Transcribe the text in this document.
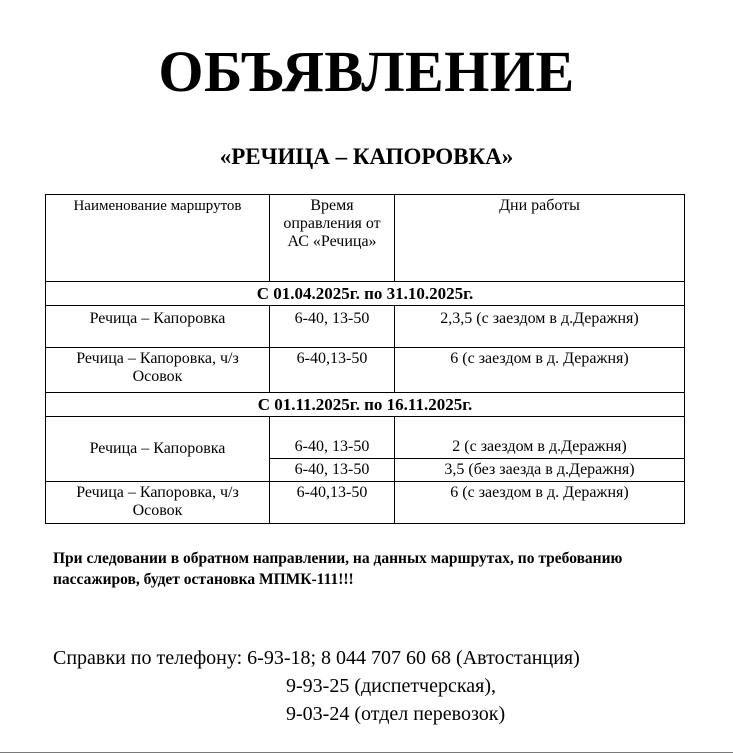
ОБЪЯВЛЕНИЕ
«РЕЧИЦА – КАПОРОВКА»
Наименование маршрутов	Время оправления от АС «Речица»	Дни работы
С 01.04.2025г. по 31.10.2025г.		
Речица – Капоровка	6-40, 13-50	2,3,5 (с заездом в д.Деражня)
Речица – Капоровка, ч/з Осовок	6-40,13-50	6 (с заездом в д. Деражня)
С 01.11.2025г. по 16.11.2025г.		
Речица – Капоровка	6-40, 13-50	2 (с заездом в д.Деражня)
	6-40, 13-50	3,5 (без заезда в д.Деражня)
Речица – Капоровка, ч/з Осовок	6-40,13-50	6 (с заездом в д. Деражня)
При следовании в обратном направлении, на данных маршрутах, по требованию пассажиров, будет остановка МПМК-111!!!
Справки по телефону: 6-93-18; 8 044 707 60 68 (Автостанция)
9-93-25 (диспетчерская),
9-03-24 (отдел перевозок)
